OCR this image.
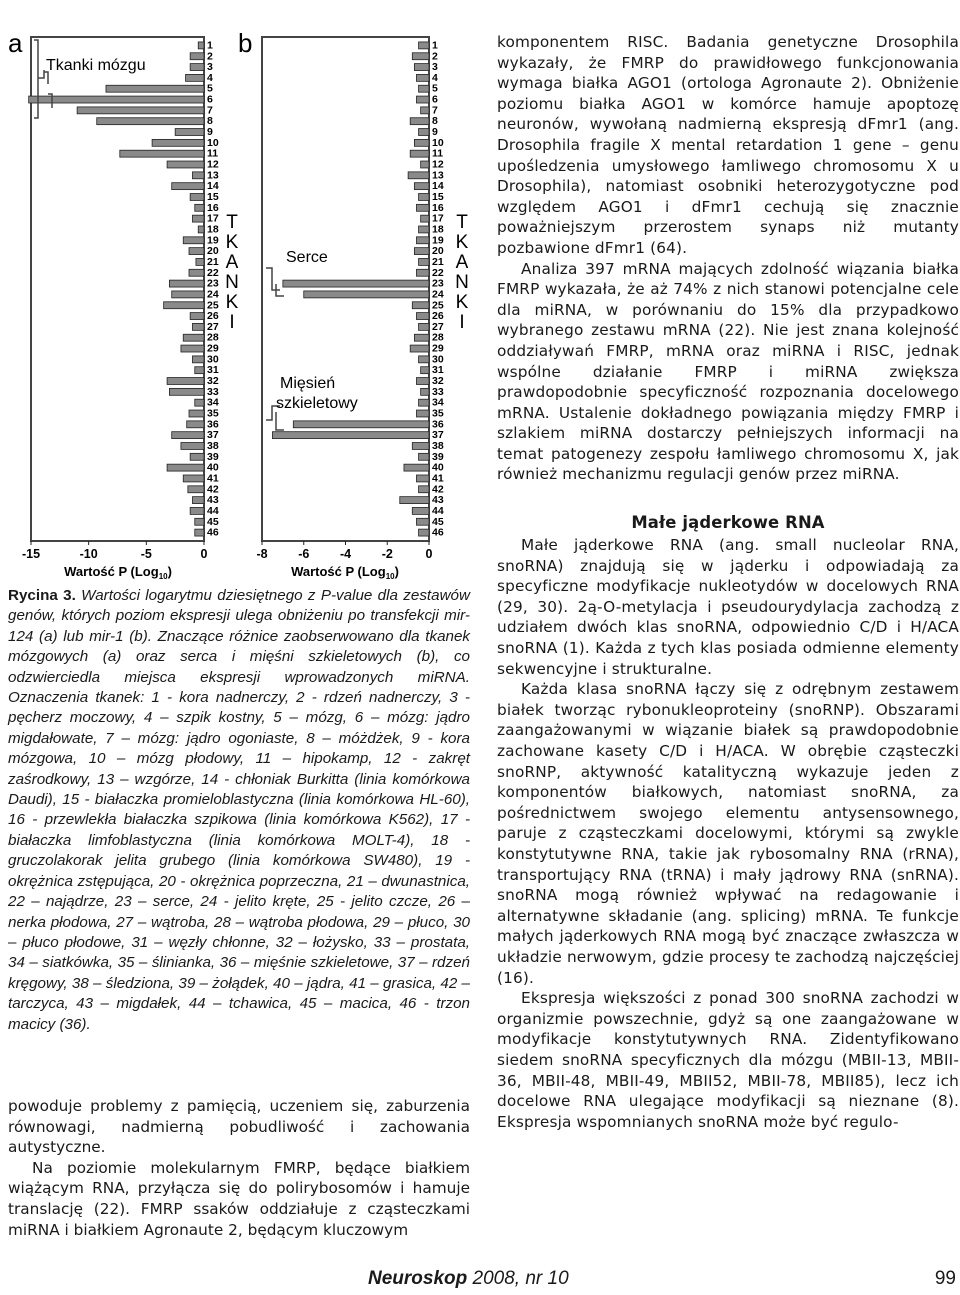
-15	-10	-5	0
Wartość P (Log$_{10}$)
a
Tkanki mózgu
1
2
3
4
5
6
7
8
9
10
11
12
13
14
15
16
17
18
19
20
21
22
23
24
25
26
27
28
29
30
31
32
33
34
35
36
37
38
39
40
41
42
43
44
45
46
T
K
A
N
K
I
-8 -6 -4 -2	0
Wartość P (Log$_{10}$)
b
Serce
Mięsień
szkieletowy
1
2
3
4
5
6
7
8
9
10
11
12
13
14
15
16
17
18
19
20
21
22
23
24
25
26
27
28
29
30
31
32
33
34
35
36
37
38
39
40
41
42
43
44
45
46
T
K
A
N
K
I
Rycina 3. Wartości logarytmu dziesiętnego z P-value dla zestawów genów, których poziom ekspresji ulega obniżeniu po transfekcji mir-124 (a) lub mir-1 (b). Znaczące różnice zaobserwowano dla tkanek mózgowych (a) oraz serca i mięśni szkieletowych (b), co odzwierciedla miejsca ekspresji wprowadzonych miRNA. Oznaczenia tkanek: 1 - kora nadnerczy, 2 - rdzeń nadnerczy, 3 - pęcherz moczowy, 4 – szpik kostny, 5 – mózg, 6 – mózg: jądro migdałowate, 7 – mózg: jądro ogoniaste, 8 – móżdżek, 9 - kora mózgowa, 10 – mózg płodowy, 11 – hipokamp, 12 - zakręt zaśrodkowy, 13 – wzgórze, 14 - chłoniak Burkitta (linia komórkowa Daudi), 15 - białaczka promieloblastyczna (linia komórkowa HL-60), 16 - przewlekła białaczka szpikowa (linia komórkowa K562), 17 - białaczka limfoblastyczna (linia komórkowa MOLT-4), 18 - gruczolakorak jelita grubego (linia komórkowa SW480), 19 - okrężnica zstępująca, 20 - okrężnica poprzeczna, 21 – dwunastnica, 22 – najądrze, 23 – serce, 24 - jelito kręte, 25 - jelito czcze, 26 – nerka płodowa, 27 – wątroba, 28 – wątroba płodowa, 29 – płuco, 30 – płuco płodowe, 31 – węzły chłonne, 32 – łożysko, 33 – prostata, 34 – siatkówka, 35 – ślinianka, 36 – mięśnie szkieletowe, 37 – rdzeń kręgowy, 38 – śledziona, 39 – żołądek, 40 – jądra, 41 – grasica, 42 – tarczyca, 43 – migdałek, 44 – tchawica, 45 – macica, 46 - trzon macicy (36).

powoduje problemy z pamięcią, uczeniem się, zaburzenia równowagi, nadmierną pobudliwość i zachowania autystyczne.

Na poziomie molekularnym FMRP, będące białkiem wiążącym RNA, przyłącza się do polirybosomów i hamuje translację (22). FMRP ssaków oddziałuje z cząsteczkami miRNA i białkiem Agronaute 2, będącym kluczowym

komponentem RISC. Badania genetyczne Drosophila wykazały, że FMRP do prawidłowego funkcjonowania wymaga białka AGO1 (ortologa Agronaute 2). Obniżenie poziomu białka AGO1 w komórce hamuje apoptozę neuronów, wywołaną nadmierną ekspresją dFmr1 (ang. Drosophila fragile X mental retardation 1 gene – genu upośledzenia umysłowego łamliwego chromosomu X u Drosophila), natomiast osobniki heterozygotyczne pod względem AGO1 i dFmr1 cechują się znacznie poważniejszym przerostem synaps niż mutanty pozbawione dFmr1 (64).

Analiza 397 mRNA mających zdolność wiązania białka FMRP wykazała, że aż 74% z nich stanowi potencjalne cele dla miRNA, w porównaniu do 15% dla przypadkowo wybranego zestawu mRNA (22). Nie jest znana kolejność oddziaływań FMRP, mRNA oraz miRNA i RISC, jednak wspólne działanie FMRP i miRNA zwiększa prawdopodobnie specyficzność rozpoznania docelowego mRNA. Ustalenie dokładnego powiązania między FMRP i szlakiem miRNA dostarczy pełniejszych informacji na temat patogenezy zespołu łamliwego chromosomu X, jak również mechanizmu regulacji genów przez miRNA.

Małe jąderkowe RNA

Małe jąderkowe RNA (ang. small nucleolar RNA, snoRNA) znajdują się w jąderku i odpowiadają za specyficzne modyfikacje nukleotydów w docelowych RNA (29, 30). 2ą-O-metylacja i pseudourydylacja zachodzą z udziałem dwóch klas snoRNA, odpowiednio C/D i H/ACA snoRNA (1). Każda z tych klas posiada odmienne elementy sekwencyjne i strukturalne.

Każda klasa snoRNA łączy się z odrębnym zestawem białek tworząc rybonukleoproteiny (snoRNP). Obszarami zaangażowanymi w wiązanie białek są prawdopodobnie zachowane kasety C/D i H/ACA. W obrębie cząsteczki snoRNP, aktywność katalityczną wykazuje jeden z komponentów białkowych, natomiast snoRNA, za pośrednictwem swojego elementu antysensownego, paruje z cząsteczkami docelowymi, którymi są zwykle konstytutywne RNA, takie jak rybosomalny RNA (rRNA), transportujący RNA (tRNA) i mały jądrowy RNA (snRNA). snoRNA mogą również wpływać na redagowanie i alternatywne składanie (ang. splicing) mRNA. Te funkcje małych jąderkowych RNA mogą być znaczące zwłaszcza w układzie nerwowym, gdzie procesy te zachodzą najczęściej (16).

Ekspresja większości z ponad 300 snoRNA zachodzi w organizmie powszechnie, gdyż są one zaangażowane w modyfikacje konstytutywnych RNA. Zidentyfikowano siedem snoRNA specyficznych dla mózgu (MBII-13, MBII-36, MBII-48, MBII-49, MBII52, MBII-78, MBII85), lecz ich docelowe RNA ulegające modyfikacji są nieznane (8). Ekspresja wspomnianych snoRNA może być regulo-

Neuroskop 2008, nr 10	99
